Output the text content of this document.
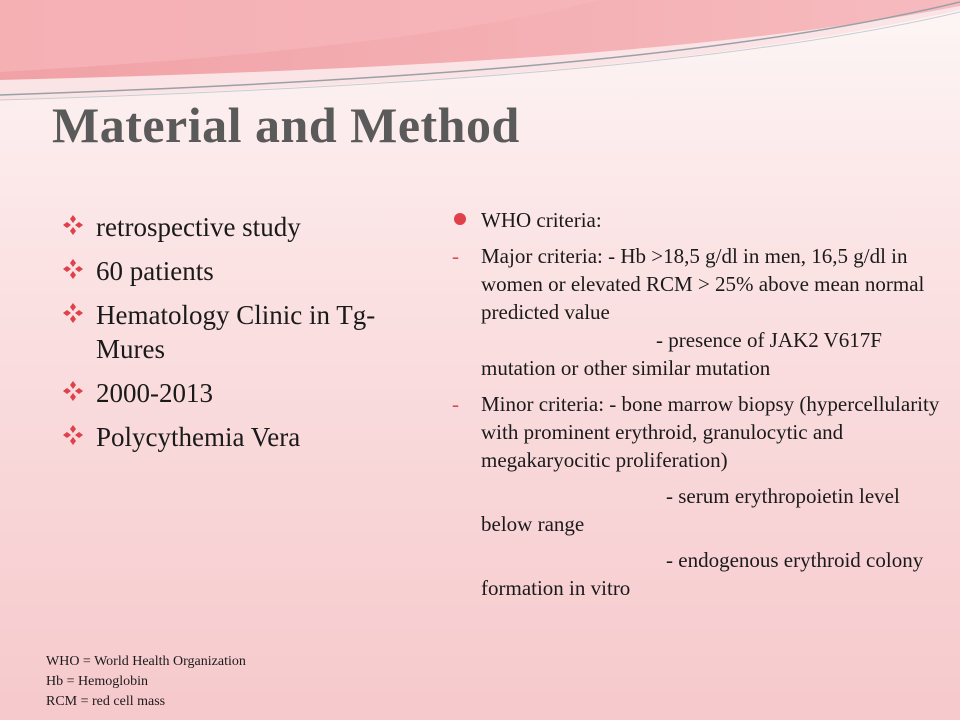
Material and Method
retrospective study
60 patients
Hematology Clinic in Tg-Mures
2000-2013
Polycythemia Vera
WHO criteria:
- Major criteria: - Hb >18,5 g/dl in men, 16,5 g/dl in women or elevated RCM > 25% above mean normal predicted value
- presence of JAK2 V617F mutation or other similar mutation
- Minor criteria: - bone marrow biopsy (hypercellularity with prominent erythroid, granulocytic and megakaryocitic proliferation)
- serum erythropoietin level below range
- endogenous erythroid colony formation in vitro
WHO = World Health Organization
Hb = Hemoglobin
RCM = red cell mass
